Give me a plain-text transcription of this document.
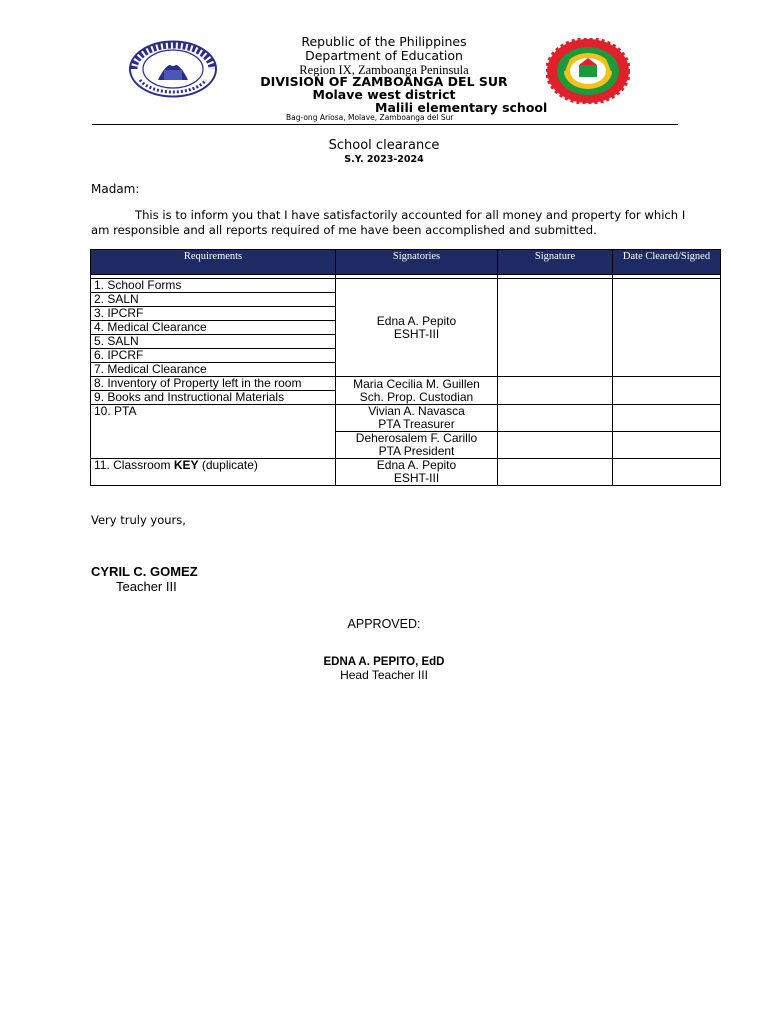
Republic of the Philippines
Department of Education
Region IX, Zamboanga Peninsula
DIVISION OF ZAMBOANGA DEL SUR
Molave west district
Malili elementary school
Bag-ong Ariosa, Molave, Zamboanga del Sur
School clearance
S.Y. 2023-2024
Madam:
This is to inform you that I have satisfactorily accounted for all money and property for which I am responsible and all reports required of me have been accomplished and submitted.
Requirements	Signatories	Signature	Date Cleared/Signed

1. School Forms	Edna A. Pepito
ESHT-III		

2. SALN			
3. IPCRF			
4. Medical Clearance			
5. SALN			
6. IPCRF			
7. Medical Clearance			
8. Inventory of Property left in the room	Maria Cecilia M. Guillen
Sch. Prop. Custodian		

9. Books and Instructional Materials			
10. PTA	Vivian A. Navasca
PTA Treasurer		

	Deherosalem F. Carillo
PTA President		

11. Classroom KEY (duplicate)	Edna A. Pepito
ESHT-III		

Very truly yours,
CYRIL C. GOMEZ
Teacher III
APPROVED:
EDNA A. PEPITO, EdD
Head Teacher III
